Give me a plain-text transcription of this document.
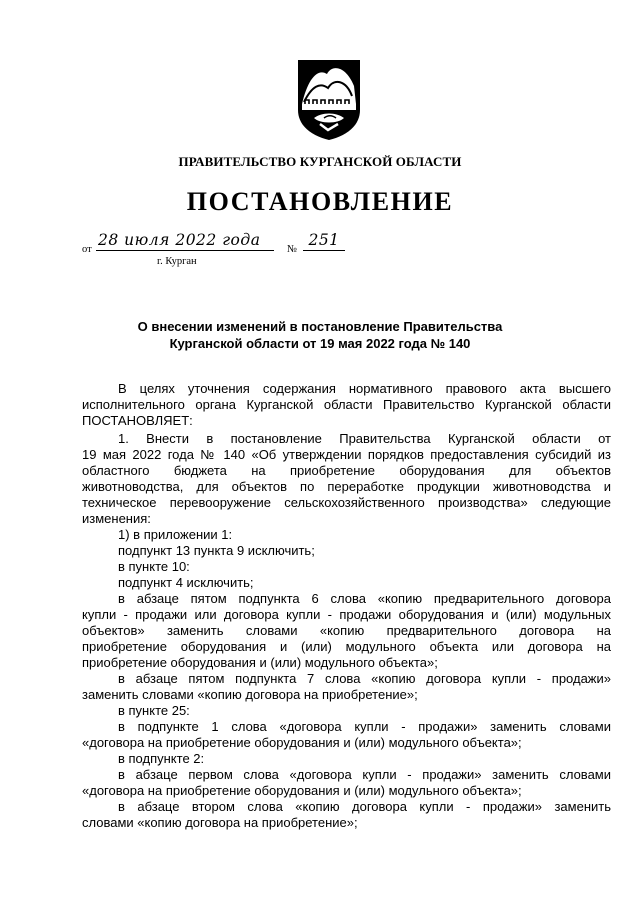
ПРАВИТЕЛЬСТВО КУРГАНСКОЙ ОБЛАСТИ
ПОСТАНОВЛЕНИЕ
от
28 июля 2022 года
№
251
г. Курган
О внесении изменений в постановление Правительства
Курганской области от 19 мая 2022 года № 140
В целях уточнения содержания нормативного правового акта высшего
исполнительного органа Курганской области Правительство Курганской области
ПОСТАНОВЛЯЕТ:
1. Внести в постановление Правительства Курганской области от
19 мая 2022 года № 140 «Об утверждении порядков предоставления субсидий из
областного бюджета на приобретение оборудования для объектов
животноводства, для объектов по переработке продукции животноводства и
техническое перевооружение сельскохозяйственного производства» следующие
изменения:
1) в приложении 1:
подпункт 13 пункта 9 исключить;
в пункте 10:
подпункт 4 исключить;
в абзаце пятом подпункта 6 слова «копию предварительного договора
купли - продажи или договора купли - продажи оборудования и (или) модульных
объектов» заменить словами «копию предварительного договора на
приобретение оборудования и (или) модульного объекта или договора на
приобретение оборудования и (или) модульного объекта»;
в абзаце пятом подпункта 7 слова «копию договора купли - продажи»
заменить словами «копию договора на приобретение»;
в пункте 25:
в подпункте 1 слова «договора купли - продажи» заменить словами
«договора на приобретение оборудования и (или) модульного объекта»;
в подпункте 2:
в абзаце первом слова «договора купли - продажи» заменить словами
«договора на приобретение оборудования и (или) модульного объекта»;
в абзаце втором слова «копию договора купли - продажи» заменить
словами «копию договора на приобретение»;
